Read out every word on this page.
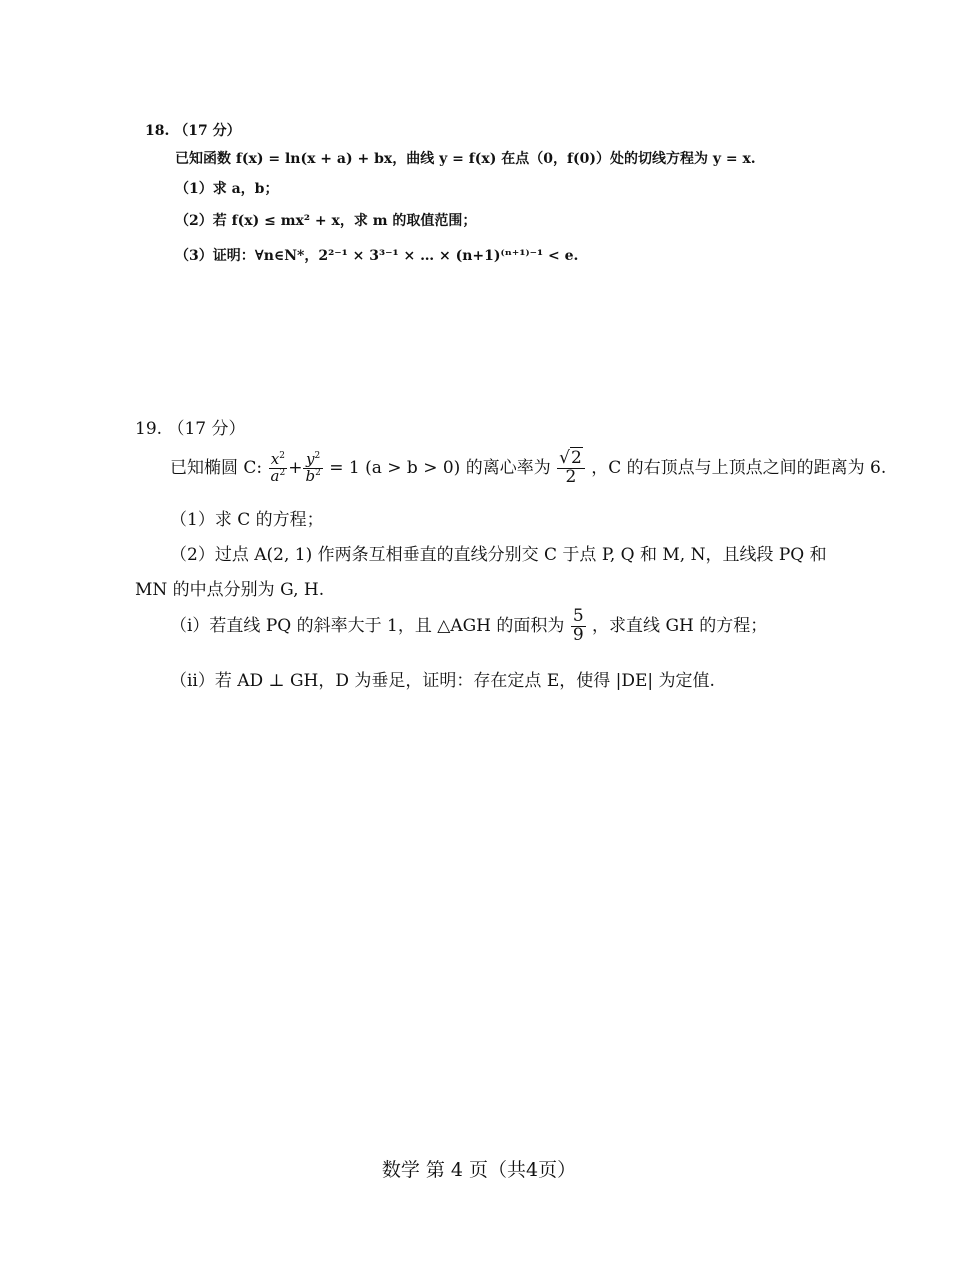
18. （17 分）
已知函数 f(x) = ln(x + a) + bx，曲线 y = f(x) 在点（0，f(0)）处的切线方程为 y = x.
（1）求 a，b；
（2）若 f(x) ≤ mx² + x，求 m 的取值范围；
（3）证明：∀n∈N*，2²⁻¹ × 3³⁻¹ × … × (n+1)⁽ⁿ⁺¹⁾⁻¹ < e.
19. （17 分）
已知椭圆 C: $\frac{x^2}{a^2} + \frac{y^2}{b^2} = 1$ (a > b > 0) 的离心率为 $\frac{√2}{2}$ ，C 的右顶点与上顶点之间的距离为 6.
（1）求 C 的方程；
（2）过点 A(2, 1) 作两条互相垂直的直线分别交 C 于点 P, Q 和 M, N，且线段 PQ 和
MN 的中点分别为 G, H.
（i）若直线 PQ 的斜率大于 1，且 △AGH 的面积为 $\frac{5}{9}$ ，求直线 GH 的方程；
（ii）若 AD ⊥ GH，D 为垂足，证明：存在定点 E，使得 |DE| 为定值.
数学 第 4 页（共4页）
